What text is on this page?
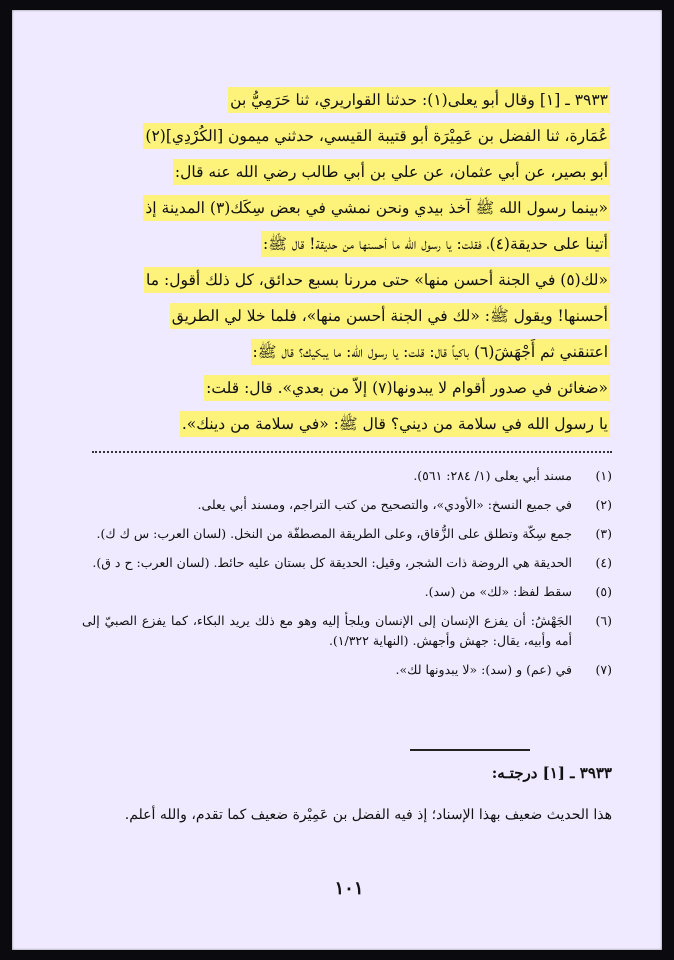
٣٩٣٣ ـ [١] وقال أبو يعلى(١): حدثنا القواريري، ثنا حَرَمِيُّ بن
عُمَارة، ثنا الفضل بن عَمِيْرَة أبو قتيبة القيسي، حدثني ميمون [الكُرْدِي](٢)
أبو بصير، عن أبي عثمان، عن علي بن أبي طالب رضي الله عنه قال:
«بينما رسول الله ﷺ آخذ بيدي ونحن نمشي في بعض سِكَك(٣) المدينة إذ
أتينا على حديقة(٤)، فقلت: يا رسول الله ما أحسنها من حديقة! قال ﷺ:
«لك(٥) في الجنة أحسن منها» حتى مررنا بسبع حدائق، كل ذلك أقول: ما
أحسنها! ويقول ﷺ: «لك في الجنة أحسن منها»، فلما خلا لي الطريق
اعتنقني ثم أَجْهَشَ(٦) باكياً قال: قلت: يا رسول الله: ما يبكيك؟ قال ﷺ:
«ضغائن في صدور أقوام لا يبدونها(٧) إلاّ من بعدي». قال: قلت:
يا رسول الله في سلامة من ديني؟ قال ﷺ: «في سلامة من دينك».
(١)
مسند أبي يعلى (١/ ٢٨٤: ٥٦١).
(٢)
في جميع النسخ: «الأودي»، والتصحيح من كتب التراجم، ومسند أبي يعلى.
(٣)
جمع سِكّة وتطلق على الزُّقاق، وعلى الطريقة المصطفّة من النخل. (لسان العرب: س ك ك).
(٤)
الحديقة هي الروضة ذات الشجر، وقيل: الحديقة كل بستان عليه حائط. (لسان العرب: ح د ق).
(٥)
سقط لفظ: «لك» من (سد).
(٦)
الجَهْشُ: أن يفزع الإنسان إلى الإنسان ويلجأ إليه وهو مع ذلك يريد البكاء، كما يفزع الصبيّ إلى أمه وأبيه، يقال: جهش وأجهش. (النهاية ١/٣٢٢).
(٧)
في (عم) و (سد): «لا يبدونها لك».
٣٩٣٣ ـ [١] درجتـه:
هذا الحديث ضعيف بهذا الإسناد؛ إذ فيه الفضل بن عَمِيْرة ضعيف كما تقدم، والله أعلم.
١٠١
